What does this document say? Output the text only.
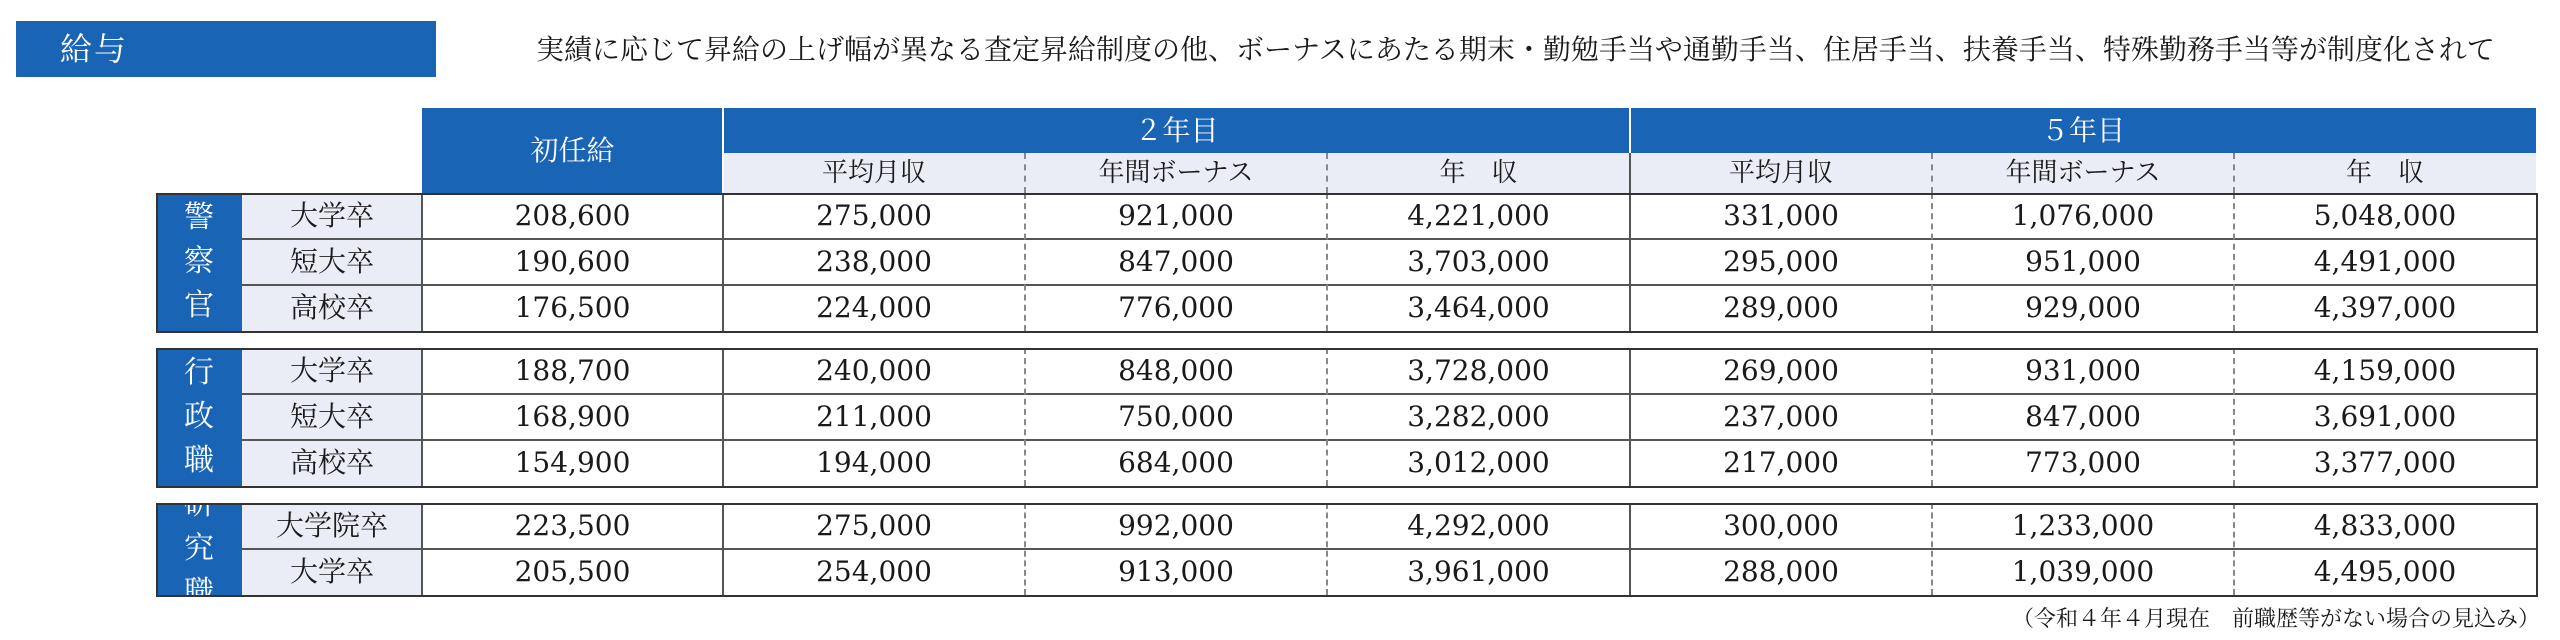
給与	実績に応じて昇給の上げ幅が異なる査定昇給制度の他、ボーナスにあたる期末・勤勉手当や通勤手当、住居手当、扶養手当、特殊勤務手当等が制度化されて
初任給
２年目	５年目
平均月収	年間ボーナス	年　収	平均月収	年間ボーナス	年　収
警
察
官
大学卒	208,600	275,000	921,000	4,221,000	331,000	1,076,000	5,048,000
短大卒	190,600	238,000	847,000	3,703,000	295,000	951,000	4,491,000
高校卒	176,500	224,000	776,000	3,464,000	289,000	929,000	4,397,000
行
政
職
大学卒	188,700	240,000	848,000	3,728,000	269,000	931,000	4,159,000
短大卒	168,900	211,000	750,000	3,282,000	237,000	847,000	3,691,000
高校卒	154,900	194,000	684,000	3,012,000	217,000	773,000	3,377,000
研
究
職
大学院卒	223,500	275,000	992,000	4,292,000	300,000	1,233,000	4,833,000
大学卒	205,500	254,000	913,000	3,961,000	288,000	1,039,000	4,495,000
（令和４年４月現在　前職歴等がない場合の見込み）
